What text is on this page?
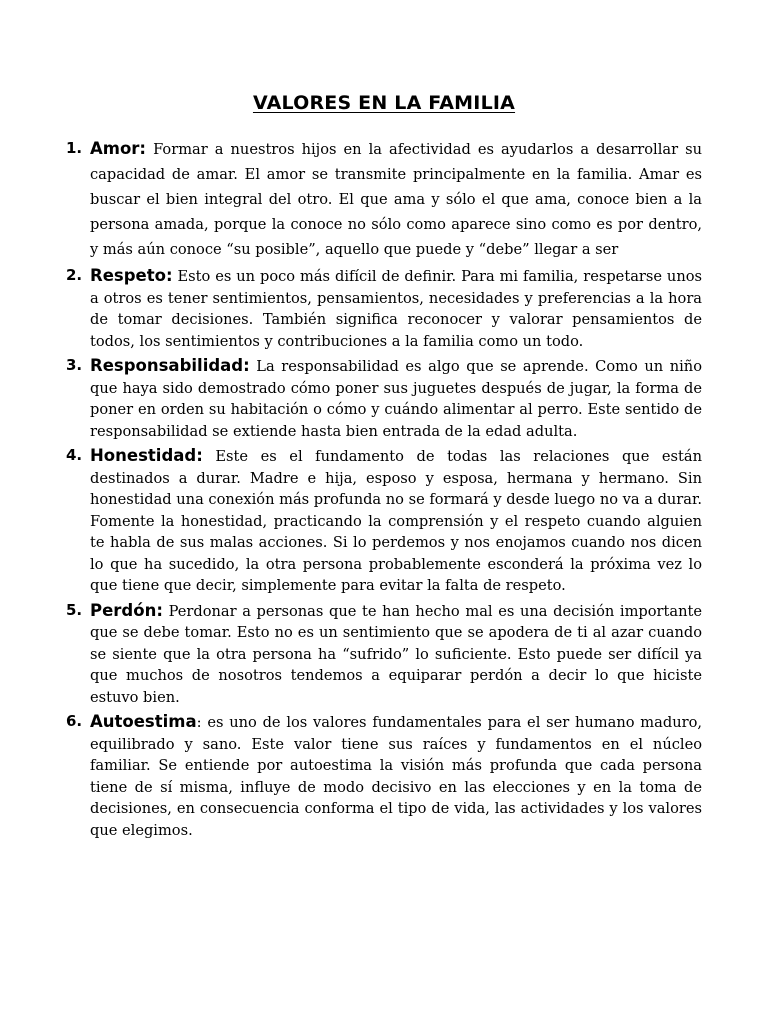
VALORES EN LA FAMILIA
1. Amor: Formar a nuestros hijos en la afectividad es ayudarlos a desarrollar su capacidad de amar. El amor se transmite principalmente en la familia. Amar es buscar el bien integral del otro. El que ama y sólo el que ama, conoce bien a la persona amada, porque la conoce no sólo como aparece sino como es por dentro, y más aún conoce “su posible”, aquello que puede y “debe” llegar a ser
2. Respeto: Esto es un poco más difícil de definir. Para mi familia, respetarse unos a otros es tener sentimientos, pensamientos, necesidades y preferencias a la hora de tomar decisiones. También significa reconocer y valorar pensamientos de todos, los sentimientos y contribuciones a la familia como un todo.
3. Responsabilidad: La responsabilidad es algo que se aprende. Como un niño que haya sido demostrado cómo poner sus juguetes después de jugar, la forma de poner en orden su habitación o cómo y cuándo alimentar al perro. Este sentido de responsabilidad se extiende hasta bien entrada de la edad adulta.
4. Honestidad: Este es el fundamento de todas las relaciones que están destinados a durar. Madre e hija, esposo y esposa, hermana y hermano. Sin honestidad una conexión más profunda no se formará y desde luego no va a durar. Fomente la honestidad, practicando la comprensión y el respeto cuando alguien te habla de sus malas acciones. Si lo perdemos y nos enojamos cuando nos dicen lo que ha sucedido, la otra persona probablemente esconderá la próxima vez lo que tiene que decir, simplemente para evitar la falta de respeto.
5. Perdón: Perdonar a personas que te han hecho mal es una decisión importante que se debe tomar. Esto no es un sentimiento que se apodera de ti al azar cuando se siente que la otra persona ha “sufrido” lo suficiente. Esto puede ser difícil ya que muchos de nosotros tendemos a equiparar perdón a decir lo que hiciste estuvo bien.
6. Autoestima: es uno de los valores fundamentales para el ser humano maduro, equilibrado y sano. Este valor tiene sus raíces y fundamentos en el núcleo familiar. Se entiende por autoestima la visión más profunda que cada persona tiene de sí misma, influye de modo decisivo en las elecciones y en la toma de decisiones, en consecuencia conforma el tipo de vida, las actividades y los valores que elegimos.
